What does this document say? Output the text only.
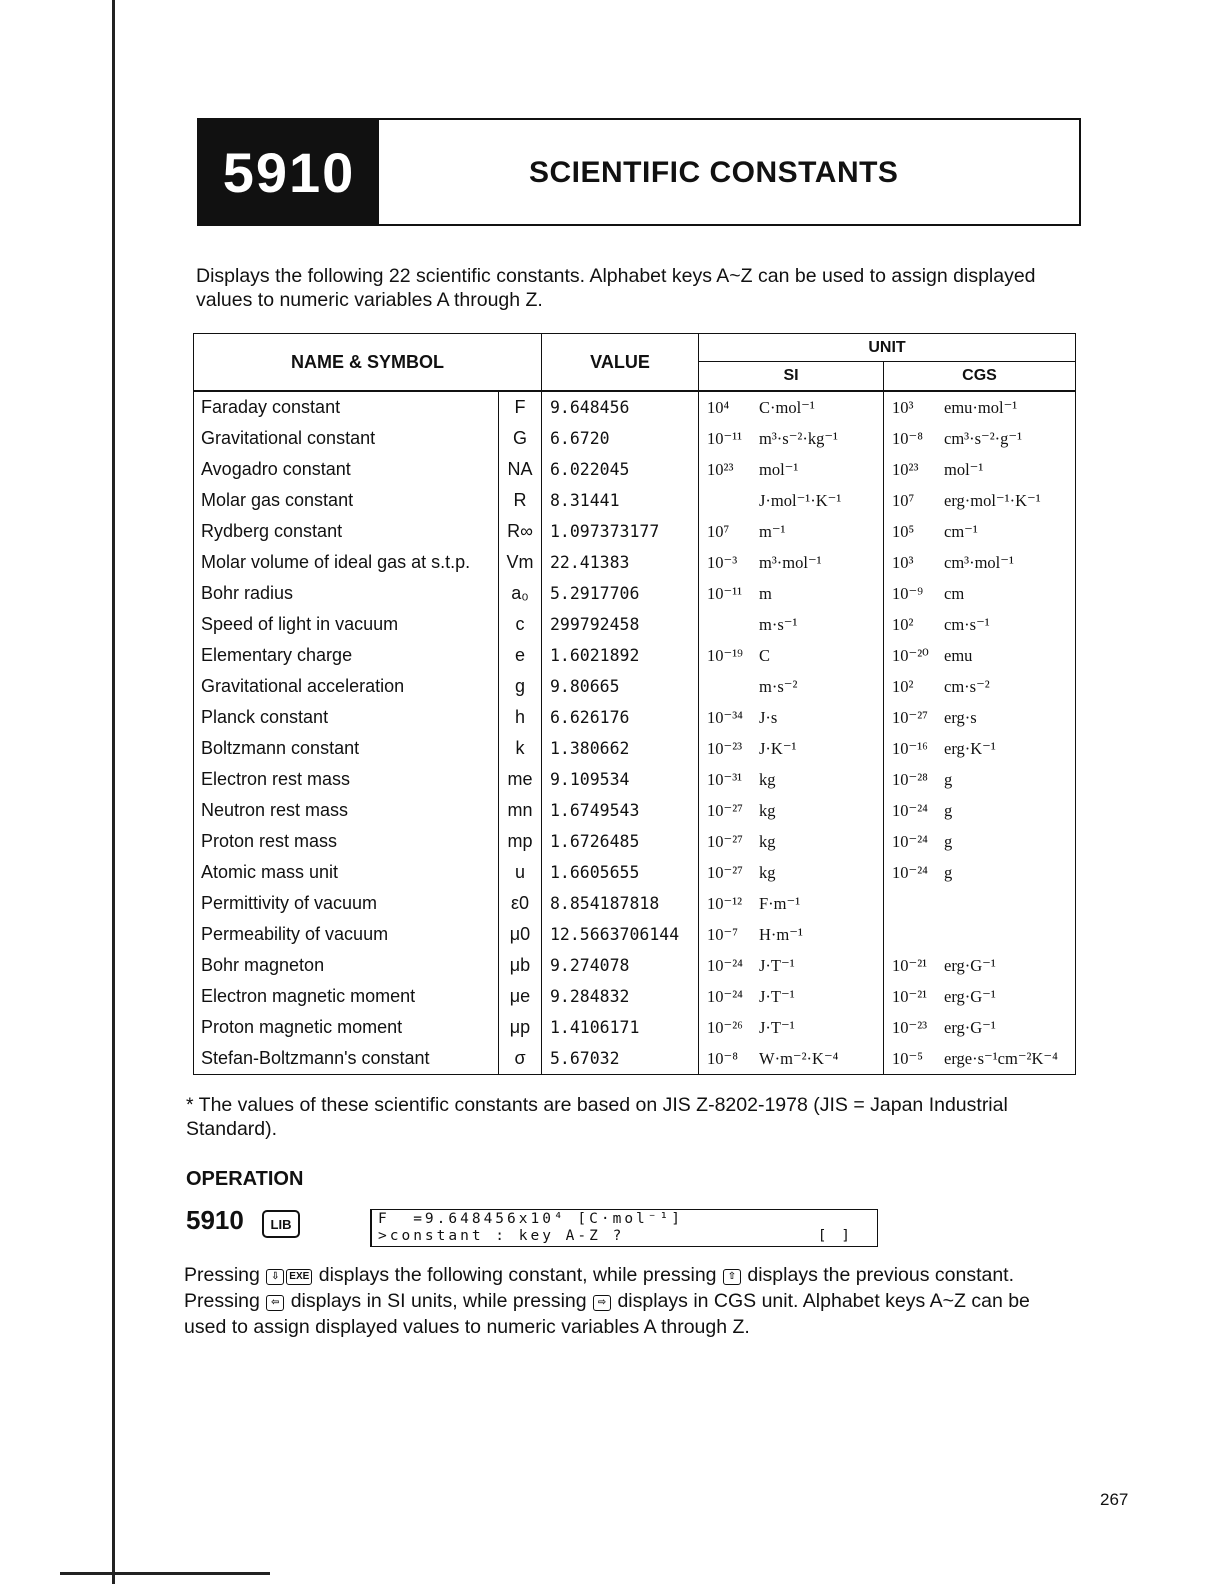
5910	SCIENTIFIC CONSTANTS
Displays the following 22 scientific constants. Alphabet keys A~Z can be used to assign displayed values to numeric variables A through Z.
NAME & SYMBOL		VALUE	UNIT	
			SI	CGS
Faraday constant	F	9.648456	10⁴ C·mol⁻¹	10³ emu·mol⁻¹
Gravitational constant	G	6.6720	10⁻¹¹ m³·s⁻²·kg⁻¹	10⁻⁸ cm³·s⁻²·g⁻¹
Avogadro constant	NA	6.022045	10²³ mol⁻¹	10²³ mol⁻¹
Molar gas constant	R	8.31441	J·mol⁻¹·K⁻¹	10⁷ erg·mol⁻¹·K⁻¹
Rydberg constant	R∞	1.097373177	10⁷ m⁻¹	10⁵ cm⁻¹
Molar volume of ideal gas at s.t.p.	Vm	22.41383	10⁻³ m³·mol⁻¹	10³ cm³·mol⁻¹
Bohr radius	a₀	5.2917706	10⁻¹¹ m	10⁻⁹ cm
Speed of light in vacuum	c	299792458	m·s⁻¹	10² cm·s⁻¹
Elementary charge	e	1.6021892	10⁻¹⁹ C	10⁻²⁰ emu
Gravitational acceleration	g	9.80665	m·s⁻²	10² cm·s⁻²
Planck constant	h	6.626176	10⁻³⁴ J·s	10⁻²⁷ erg·s
Boltzmann constant	k	1.380662	10⁻²³ J·K⁻¹	10⁻¹⁶ erg·K⁻¹
Electron rest mass	me	9.109534	10⁻³¹ kg	10⁻²⁸ g
Neutron rest mass	mn	1.6749543	10⁻²⁷ kg	10⁻²⁴ g
Proton rest mass	mp	1.6726485	10⁻²⁷ kg	10⁻²⁴ g
Atomic mass unit	u	1.6605655	10⁻²⁷ kg	10⁻²⁴ g
Permittivity of vacuum	ε0	8.854187818	10⁻¹² F·m⁻¹	
Permeability of vacuum	μ0	12.5663706144	10⁻⁷ H·m⁻¹	
Bohr magneton	μb	9.274078	10⁻²⁴ J·T⁻¹	10⁻²¹ erg·G⁻¹
Electron magnetic moment	μe	9.284832	10⁻²⁴ J·T⁻¹	10⁻²¹ erg·G⁻¹
Proton magnetic moment	μp	1.4106171	10⁻²⁶ J·T⁻¹	10⁻²³ erg·G⁻¹
Stefan-Boltzmann's constant	σ	5.67032	10⁻⁸ W·m⁻²·K⁻⁴	10⁻⁵ erge·s⁻¹cm⁻²K⁻⁴
* The values of these scientific constants are based on JIS Z-8202-1978 (JIS = Japan Industrial Standard).
OPERATION
5910	LIB	F  =9.648456x10⁴ [C·mol⁻¹]
>constant : key A-Z ?	[ ]
Pressing ⇩ EXE displays the following constant, while pressing ⇧ displays the previous constant. Pressing ⇦ displays in SI units, while pressing ⇨ displays in CGS unit. Alphabet keys A~Z can be used to assign displayed values to numeric variables A through Z.
267
